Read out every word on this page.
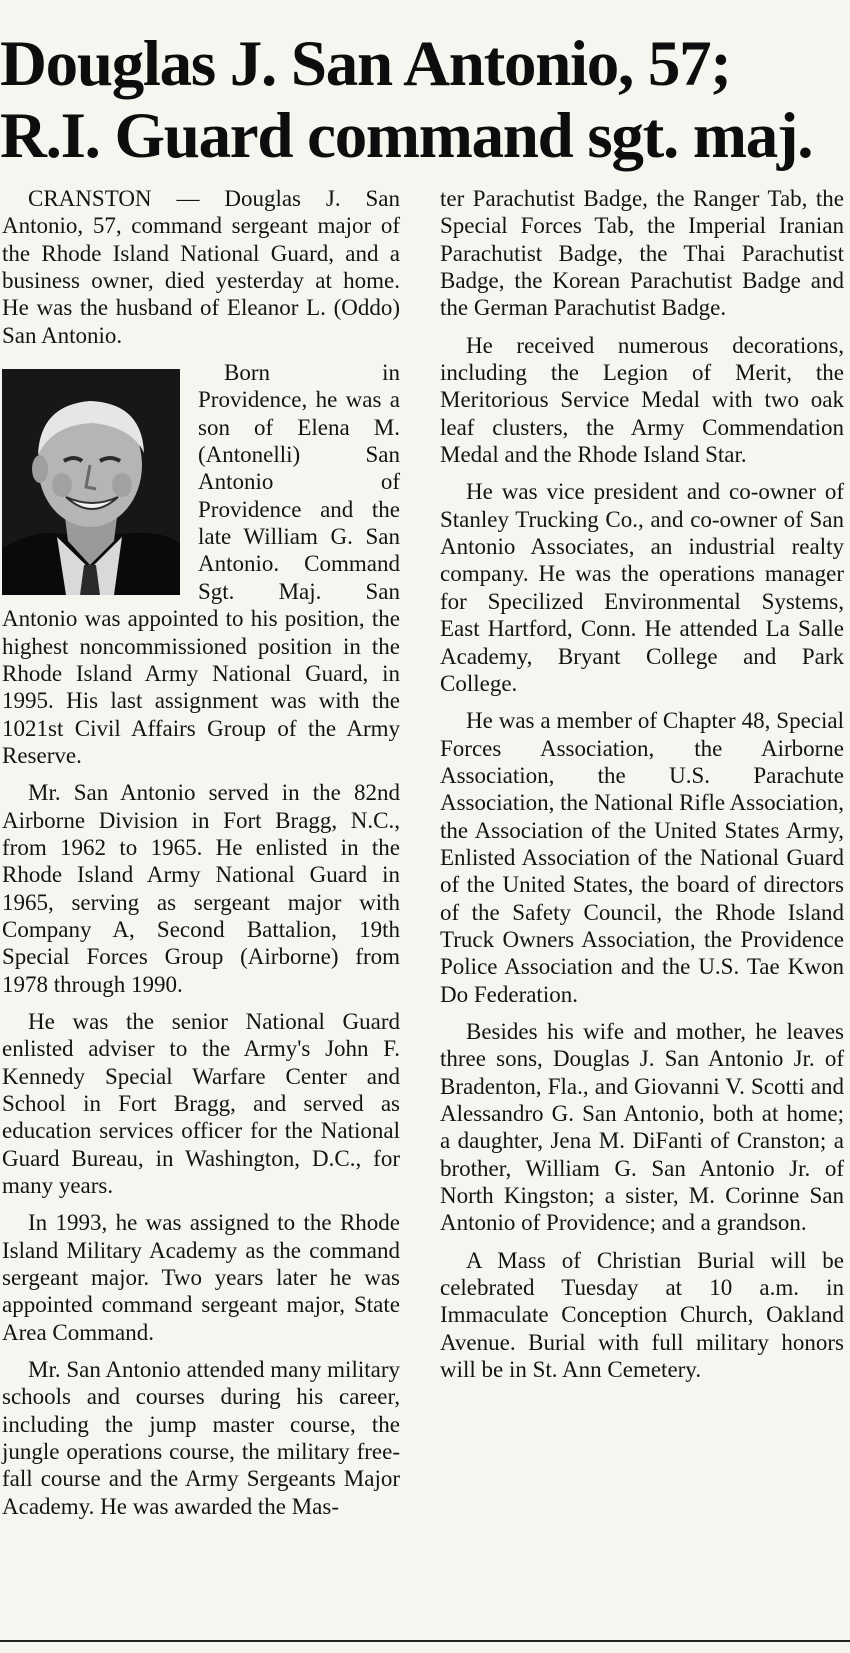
Douglas J. San Antonio, 57;
R.I. Guard command sgt. maj.

CRANSTON — Douglas J. San Antonio, 57, command sergeant major of the Rhode Island National Guard, and a business owner, died yesterday at home. He was the husband of Eleanor L. (Oddo) San Antonio.

Born in Providence, he was a son of Elena M. (Antonelli) San Antonio of Providence and the late William G. San Antonio. Command Sgt. Maj. San Antonio was appointed to his position, the highest noncommissioned position in the Rhode Island Army National Guard, in 1995. His last assignment was with the 1021st Civil Affairs Group of the Army Reserve.

Mr. San Antonio served in the 82nd Airborne Division in Fort Bragg, N.C., from 1962 to 1965. He enlisted in the Rhode Island Army National Guard in 1965, serving as sergeant major with Company A, Second Battalion, 19th Special Forces Group (Airborne) from 1978 through 1990.

He was the senior National Guard enlisted adviser to the Army's John F. Kennedy Special Warfare Center and School in Fort Bragg, and served as education services officer for the National Guard Bureau, in Washington, D.C., for many years.

In 1993, he was assigned to the Rhode Island Military Academy as the command sergeant major. Two years later he was appointed command sergeant major, State Area Command.

Mr. San Antonio attended many military schools and courses during his career, including the jump master course, the jungle operations course, the military free-fall course and the Army Sergeants Major Academy. He was awarded the Mas-

ter Parachutist Badge, the Ranger Tab, the Special Forces Tab, the Imperial Iranian Parachutist Badge, the Thai Parachutist Badge, the Korean Parachutist Badge and the German Parachutist Badge.

He received numerous decorations, including the Legion of Merit, the Meritorious Service Medal with two oak leaf clusters, the Army Commendation Medal and the Rhode Island Star.

He was vice president and co-owner of Stanley Trucking Co., and co-owner of San Antonio Associates, an industrial realty company. He was the operations manager for Specilized Environmental Systems, East Hartford, Conn. He attended La Salle Academy, Bryant College and Park College.

He was a member of Chapter 48, Special Forces Association, the Airborne Association, the U.S. Parachute Association, the National Rifle Association, the Association of the United States Army, Enlisted Association of the National Guard of the United States, the board of directors of the Safety Council, the Rhode Island Truck Owners Association, the Providence Police Association and the U.S. Tae Kwon Do Federation.

Besides his wife and mother, he leaves three sons, Douglas J. San Antonio Jr. of Bradenton, Fla., and Giovanni V. Scotti and Alessandro G. San Antonio, both at home; a daughter, Jena M. DiFanti of Cranston; a brother, William G. San Antonio Jr. of North Kingston; a sister, M. Corinne San Antonio of Providence; and a grandson.

A Mass of Christian Burial will be celebrated Tuesday at 10 a.m. in Immaculate Conception Church, Oakland Avenue. Burial with full military honors will be in St. Ann Cemetery.
